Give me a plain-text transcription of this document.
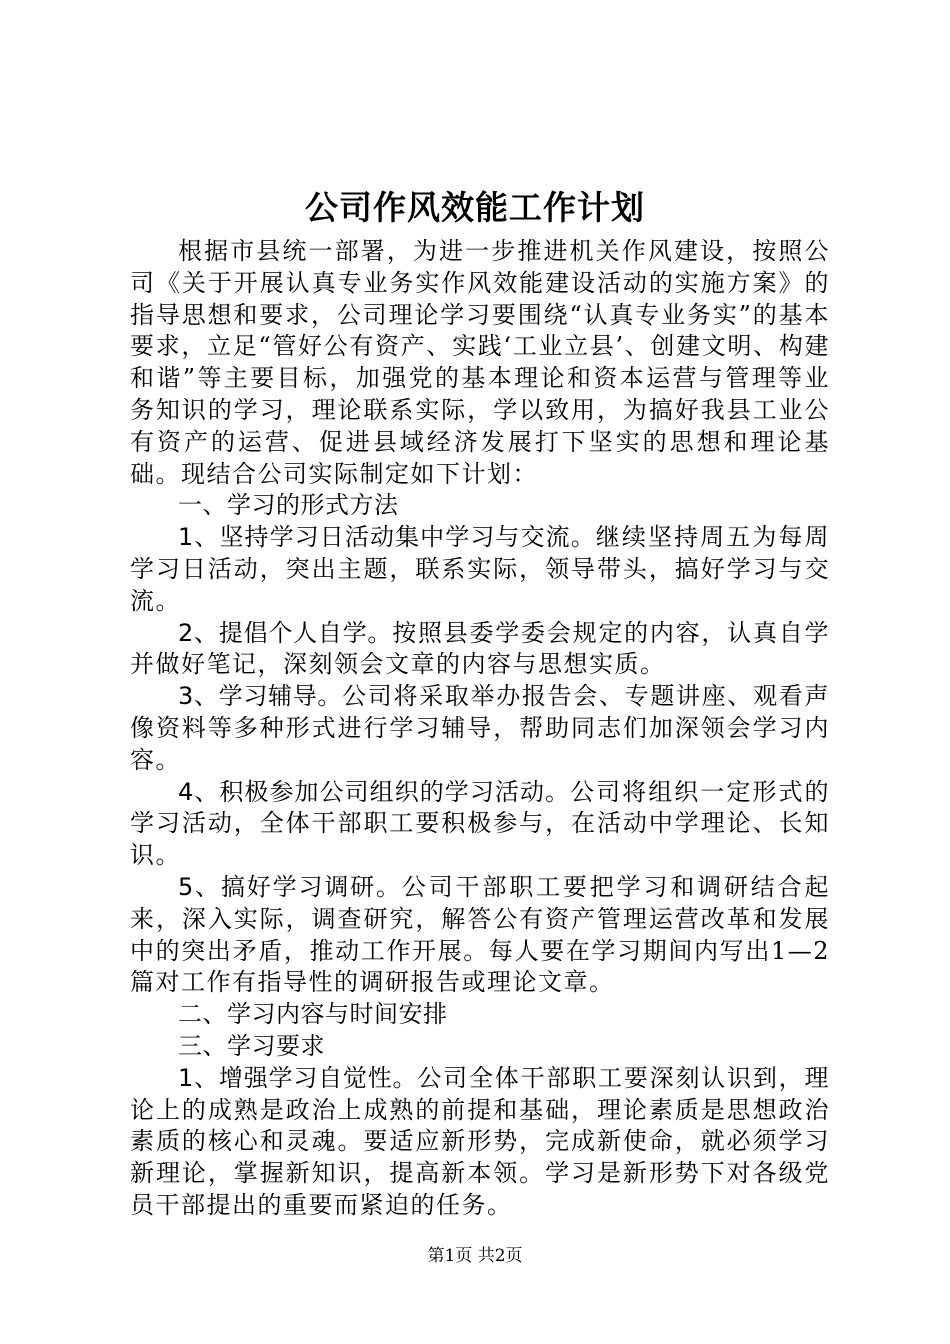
公司作风效能工作计划

根据市县统一部署，为进一步推进机关作风建设，按照公司《关于开展认真专业务实作风效能建设活动的实施方案》的指导思想和要求，公司理论学习要围绕“认真专业务实”的基本要求，立足“管好公有资产、实践‘工业立县’、创建文明、构建和谐”等主要目标，加强党的基本理论和资本运营与管理等业务知识的学习，理论联系实际，学以致用，为搞好我县工业公有资产的运营、促进县域经济发展打下坚实的思想和理论基础。现结合公司实际制定如下计划：

一、学习的形式方法

1、坚持学习日活动集中学习与交流。继续坚持周五为每周学习日活动，突出主题，联系实际，领导带头，搞好学习与交流。

2、提倡个人自学。按照县委学委会规定的内容，认真自学并做好笔记，深刻领会文章的内容与思想实质。

3、学习辅导。公司将采取举办报告会、专题讲座、观看声像资料等多种形式进行学习辅导，帮助同志们加深领会学习内容。

4、积极参加公司组织的学习活动。公司将组织一定形式的学习活动，全体干部职工要积极参与，在活动中学理论、长知识。

5、搞好学习调研。公司干部职工要把学习和调研结合起来，深入实际，调查研究，解答公有资产管理运营改革和发展中的突出矛盾，推动工作开展。每人要在学习期间内写出1—2篇对工作有指导性的调研报告或理论文章。

二、学习内容与时间安排

三、学习要求

1、增强学习自觉性。公司全体干部职工要深刻认识到，理论上的成熟是政治上成熟的前提和基础，理论素质是思想政治素质的核心和灵魂。要适应新形势，完成新使命，就必须学习新理论，掌握新知识，提高新本领。学习是新形势下对各级党员干部提出的重要而紧迫的任务。

第1页 共2页
